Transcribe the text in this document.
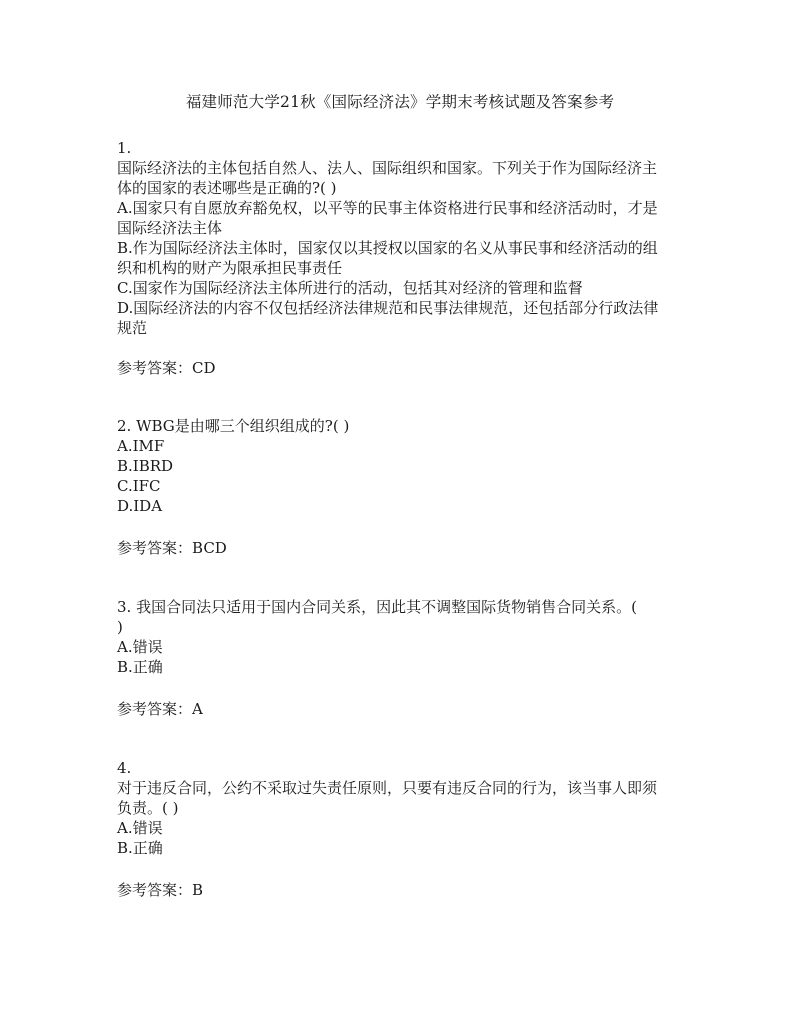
福建师范大学21秋《国际经济法》学期末考核试题及答案参考
1.
国际经济法的主体包括自然人、法人、国际组织和国家。下列关于作为国际经济主
体的国家的表述哪些是正确的?( )
A.国家只有自愿放弃豁免权，以平等的民事主体资格进行民事和经济活动时，才是
国际经济法主体
B.作为国际经济法主体时，国家仅以其授权以国家的名义从事民事和经济活动的组
织和机构的财产为限承担民事责任
C.国家作为国际经济法主体所进行的活动，包括其对经济的管理和监督
D.国际经济法的内容不仅包括经济法律规范和民事法律规范，还包括部分行政法律
规范
参考答案：CD
2. WBG是由哪三个组织组成的?( )
A.IMF
B.IBRD
C.IFC
D.IDA
参考答案：BCD
3. 我国合同法只适用于国内合同关系，因此其不调整国际货物销售合同关系。(
)
A.错误
B.正确
参考答案：A
4.
对于违反合同，公约不采取过失责任原则，只要有违反合同的行为，该当事人即须
负责。( )
A.错误
B.正确
参考答案：B
